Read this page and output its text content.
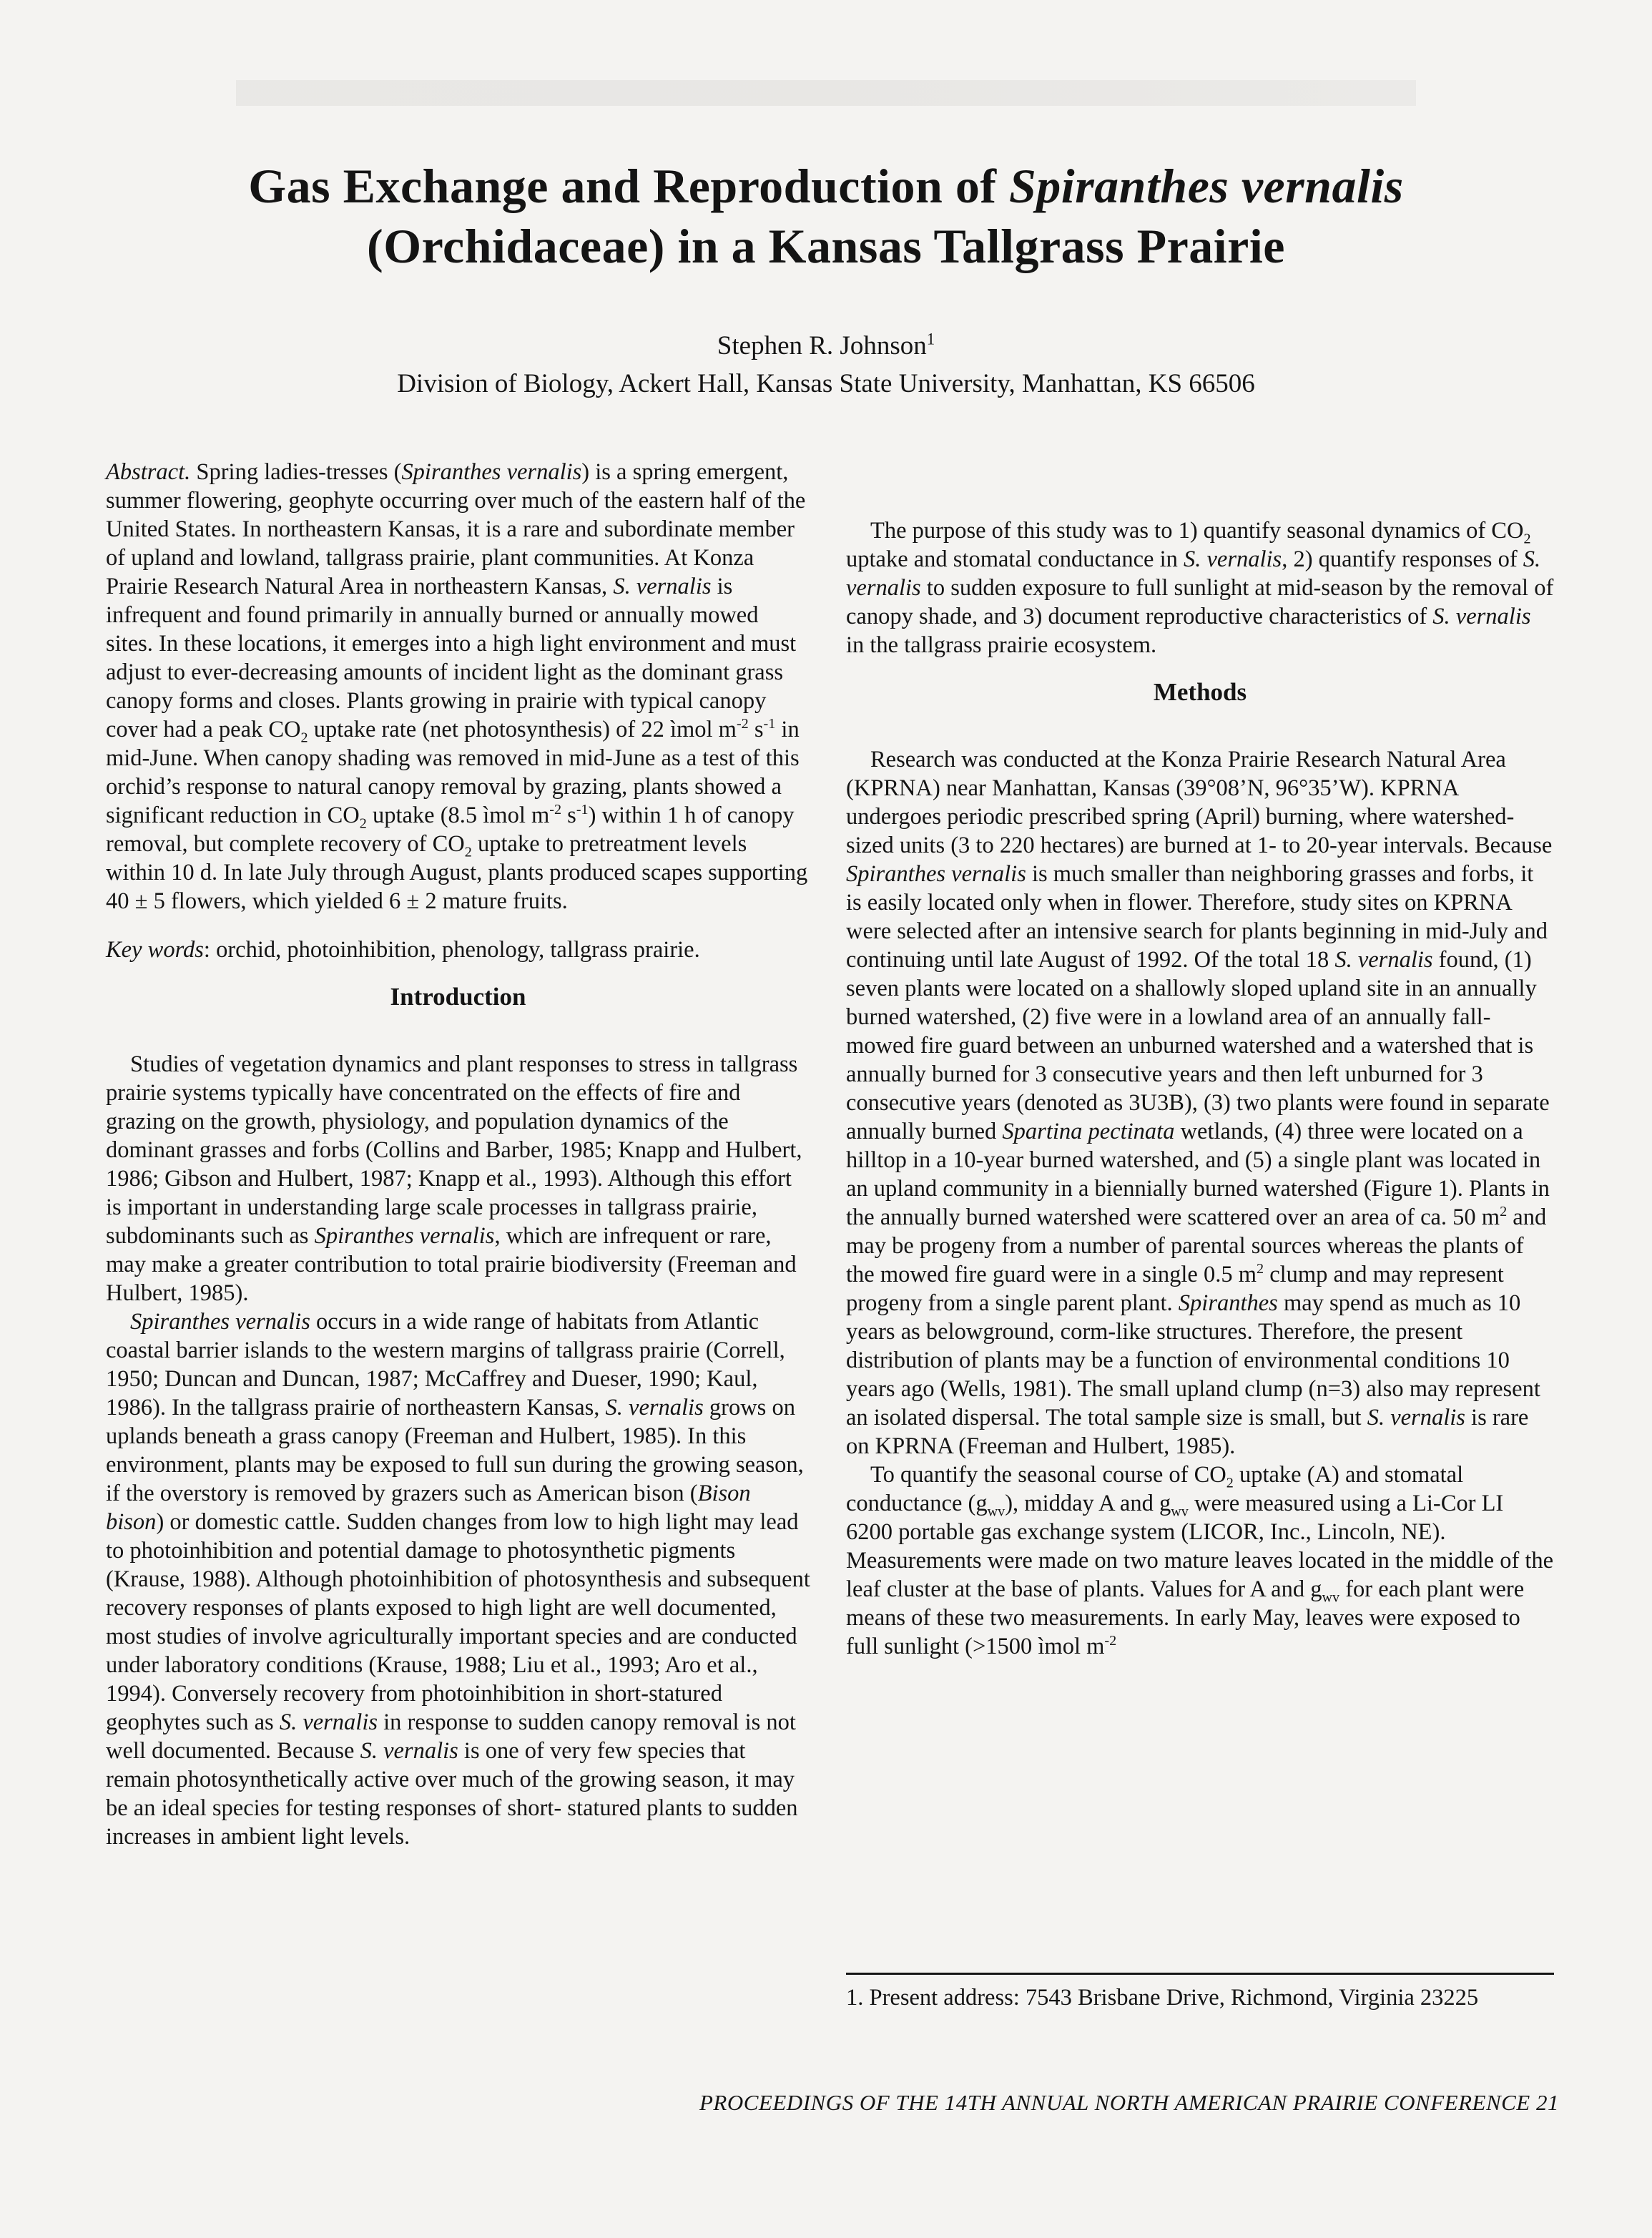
Gas Exchange and Reproduction of Spiranthes vernalis
(Orchidaceae) in a Kansas Tallgrass Prairie
Stephen R. Johnson$^1$
Division of Biology, Ackert Hall, Kansas State University, Manhattan, KS 66506

Abstract. Spring ladies-tresses (Spiranthes vernalis) is a spring emergent, summer flowering, geophyte occurring over much of the eastern half of the United States. In northeastern Kansas, it is a rare and subordinate member of upland and lowland, tallgrass prairie, plant communities. At Konza Prairie Research Natural Area in northeastern Kansas, S. vernalis is infrequent and found primarily in annually burned or annually mowed sites. In these locations, it emerges into a high light environment and must adjust to ever-decreasing amounts of incident light as the dominant grass canopy forms and closes. Plants growing in prairie with typical canopy cover had a peak $CO_2$ uptake rate (net photosynthesis) of 22 ìmol $m^{-2}$ $s^{-1}$ in mid-June. When canopy shading was removed in mid-June as a test of this orchid’s response to natural canopy removal by grazing, plants showed a significant reduction in $CO_2$ uptake (8.5 ìmol $m^{-2}$ $s^{-1}$) within 1 h of canopy removal, but complete recovery of $CO_2$ uptake to pretreatment levels within 10 d. In late July through August, plants produced scapes supporting 40 ± 5 flowers, which yielded 6 ± 2 mature fruits.

Key words: orchid, photoinhibition, phenology, tallgrass prairie.

Introduction

Studies of vegetation dynamics and plant responses to stress in tallgrass prairie systems typically have concentrated on the effects of fire and grazing on the growth, physiology, and population dynamics of the dominant grasses and forbs (Collins and Barber, 1985; Knapp and Hulbert, 1986; Gibson and Hulbert, 1987; Knapp et al., 1993). Although this effort is important in understanding large scale processes in tallgrass prairie, subdominants such as Spiranthes vernalis, which are infrequent or rare, may make a greater contribution to total prairie biodiversity (Freeman and Hulbert, 1985).

Spiranthes vernalis occurs in a wide range of habitats from Atlantic coastal barrier islands to the western margins of tallgrass prairie (Correll, 1950; Duncan and Duncan, 1987; McCaffrey and Dueser, 1990; Kaul, 1986). In the tallgrass prairie of northeastern Kansas, S. vernalis grows on uplands beneath a grass canopy (Freeman and Hulbert, 1985). In this environment, plants may be exposed to full sun during the growing season, if the overstory is removed by grazers such as American bison (Bison bison) or domestic cattle. Sudden changes from low to high light may lead to photoinhibition and potential damage to photosynthetic pigments (Krause, 1988). Although photoinhibition of photosynthesis and subsequent recovery responses of plants exposed to high light are well documented, most studies of involve agriculturally important species and are conducted under laboratory conditions (Krause, 1988; Liu et al., 1993; Aro et al., 1994). Conversely recovery from photoinhibition in short-statured geophytes such as S. vernalis in response to sudden canopy removal is not well documented. Because S. vernalis is one of very few species that remain photosynthetically active over much of the growing season, it may be an ideal species for testing responses of short- statured plants to sudden increases in ambient light levels.

The purpose of this study was to 1) quantify seasonal dynamics of $CO_2$ uptake and stomatal conductance in S. vernalis, 2) quantify responses of S. vernalis to sudden exposure to full sunlight at mid-season by the removal of canopy shade, and 3) document reproductive characteristics of S. vernalis in the tallgrass prairie ecosystem.

Methods

Research was conducted at the Konza Prairie Research Natural Area (KPRNA) near Manhattan, Kansas (39°08’N, 96°35’W). KPRNA undergoes periodic prescribed spring (April) burning, where watershed-sized units (3 to 220 hectares) are burned at 1- to 20-year intervals. Because Spiranthes vernalis is much smaller than neighboring grasses and forbs, it is easily located only when in flower. Therefore, study sites on KPRNA were selected after an intensive search for plants beginning in mid-July and continuing until late August of 1992. Of the total 18 S. vernalis found, (1) seven plants were located on a shallowly sloped upland site in an annually burned watershed, (2) five were in a lowland area of an annually fall-mowed fire guard between an unburned watershed and a watershed that is annually burned for 3 consecutive years and then left unburned for 3 consecutive years (denoted as 3U3B), (3) two plants were found in separate annually burned Spartina pectinata wetlands, (4) three were located on a hilltop in a 10-year burned watershed, and (5) a single plant was located in an upland community in a biennially burned watershed (Figure 1). Plants in the annually burned watershed were scattered over an area of ca. 50 $m^2$ and may be progeny from a number of parental sources whereas the plants of the mowed fire guard were in a single 0.5 $m^2$ clump and may represent progeny from a single parent plant. Spiranthes may spend as much as 10 years as belowground, corm-like structures. Therefore, the present distribution of plants may be a function of environmental conditions 10 years ago (Wells, 1981). The small upland clump (n=3) also may represent an isolated dispersal. The total sample size is small, but S. vernalis is rare on KPRNA (Freeman and Hulbert, 1985).

To quantify the seasonal course of $CO_2$ uptake (A) and stomatal conductance $(g_{wv})$, midday A and $g_{wv}$ were measured using a Li-Cor LI 6200 portable gas exchange system (LICOR, Inc., Lincoln, NE). Measurements were made on two mature leaves located in the middle of the leaf cluster at the base of plants. Values for A and $g_{wv}$ for each plant were means of these two measurements. In early May, leaves were exposed to full sunlight (>1500 ìmol $m^{-2}$

1. Present address: 7543 Brisbane Drive, Richmond, Virginia 23225

PROCEEDINGS OF THE 14TH ANNUAL NORTH AMERICAN PRAIRIE CONFERENCE 21
